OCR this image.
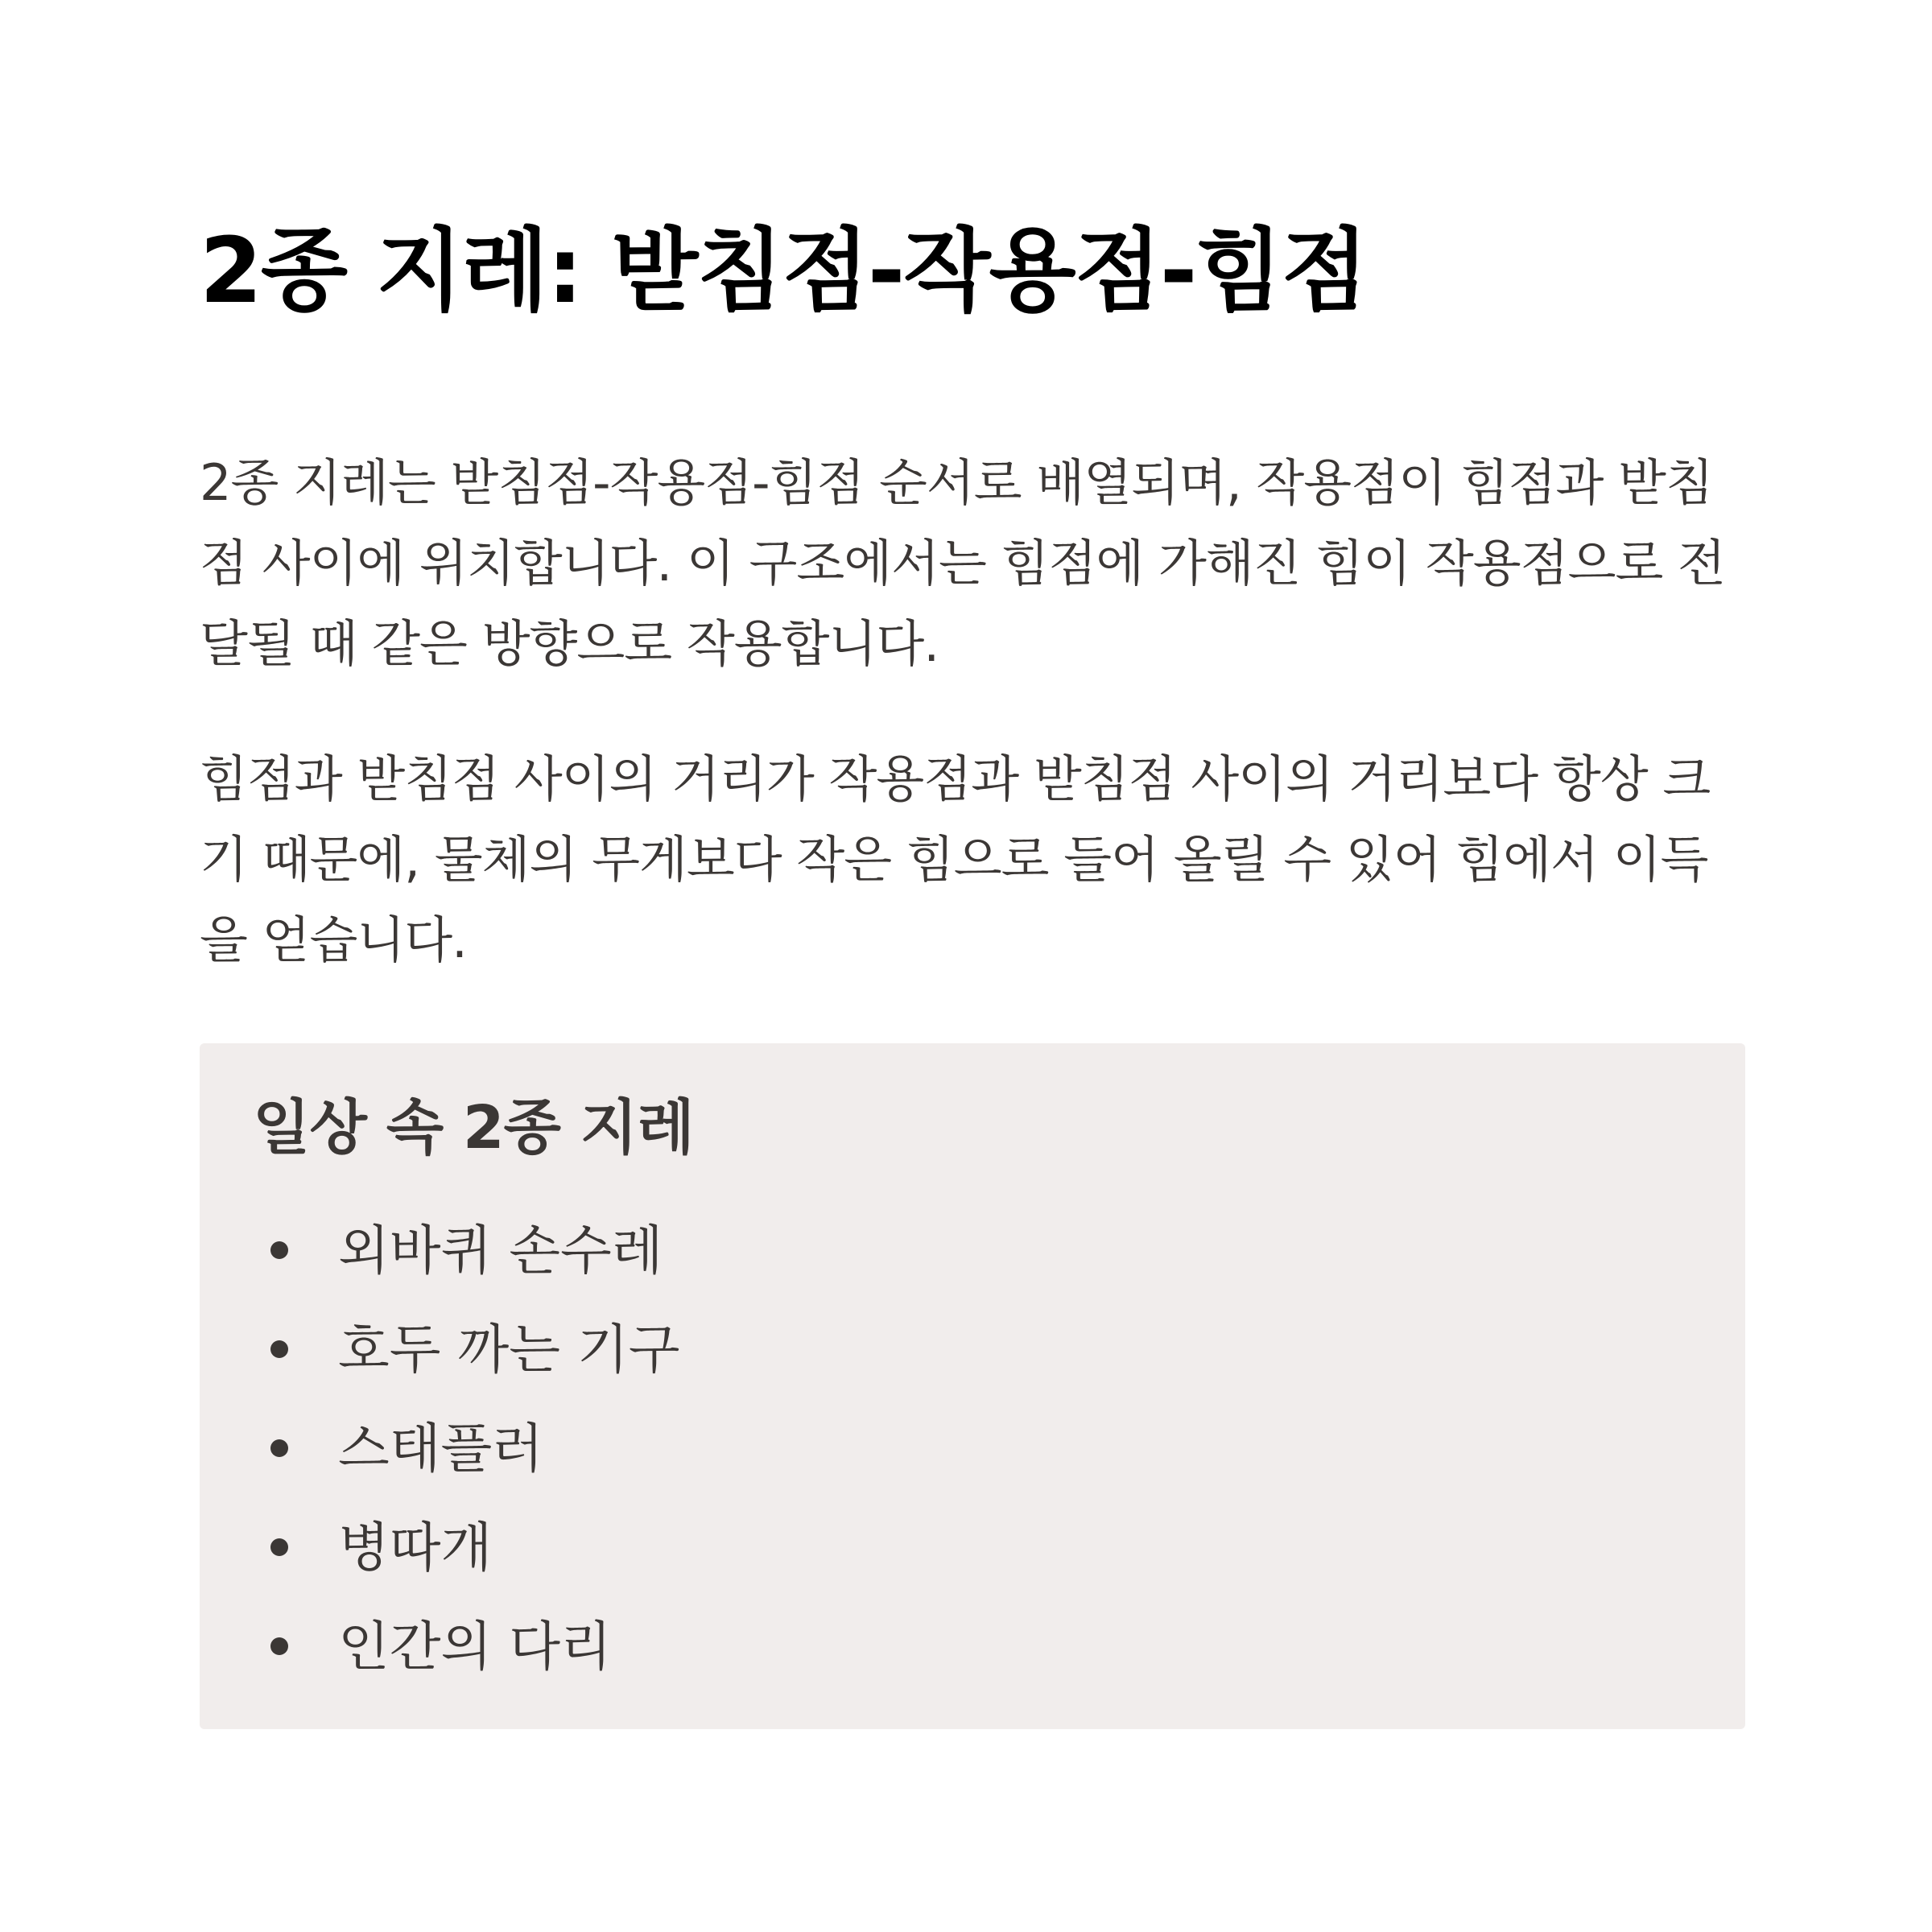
2종 지레: 받침점-작용점-힘점

2종 지레는 받침점-작용점-힘점 순서로 배열되며, 작용점이 힘점과 받침점 사이에 위치합니다. 이 구조에서는 힘점에 가해진 힘이 작용점으로 전달될 때 같은 방향으로 작용합니다.

힘점과 받침점 사이의 거리가 작용점과 받침점 사이의 거리보다 항상 크기 때문에, 물체의 무게보다 작은 힘으로 들어 올릴 수 있어 힘에서 이득을 얻습니다.

일상 속 2종 지레
외바퀴 손수레
호두 까는 기구
스태플러
병따개
인간의 다리
